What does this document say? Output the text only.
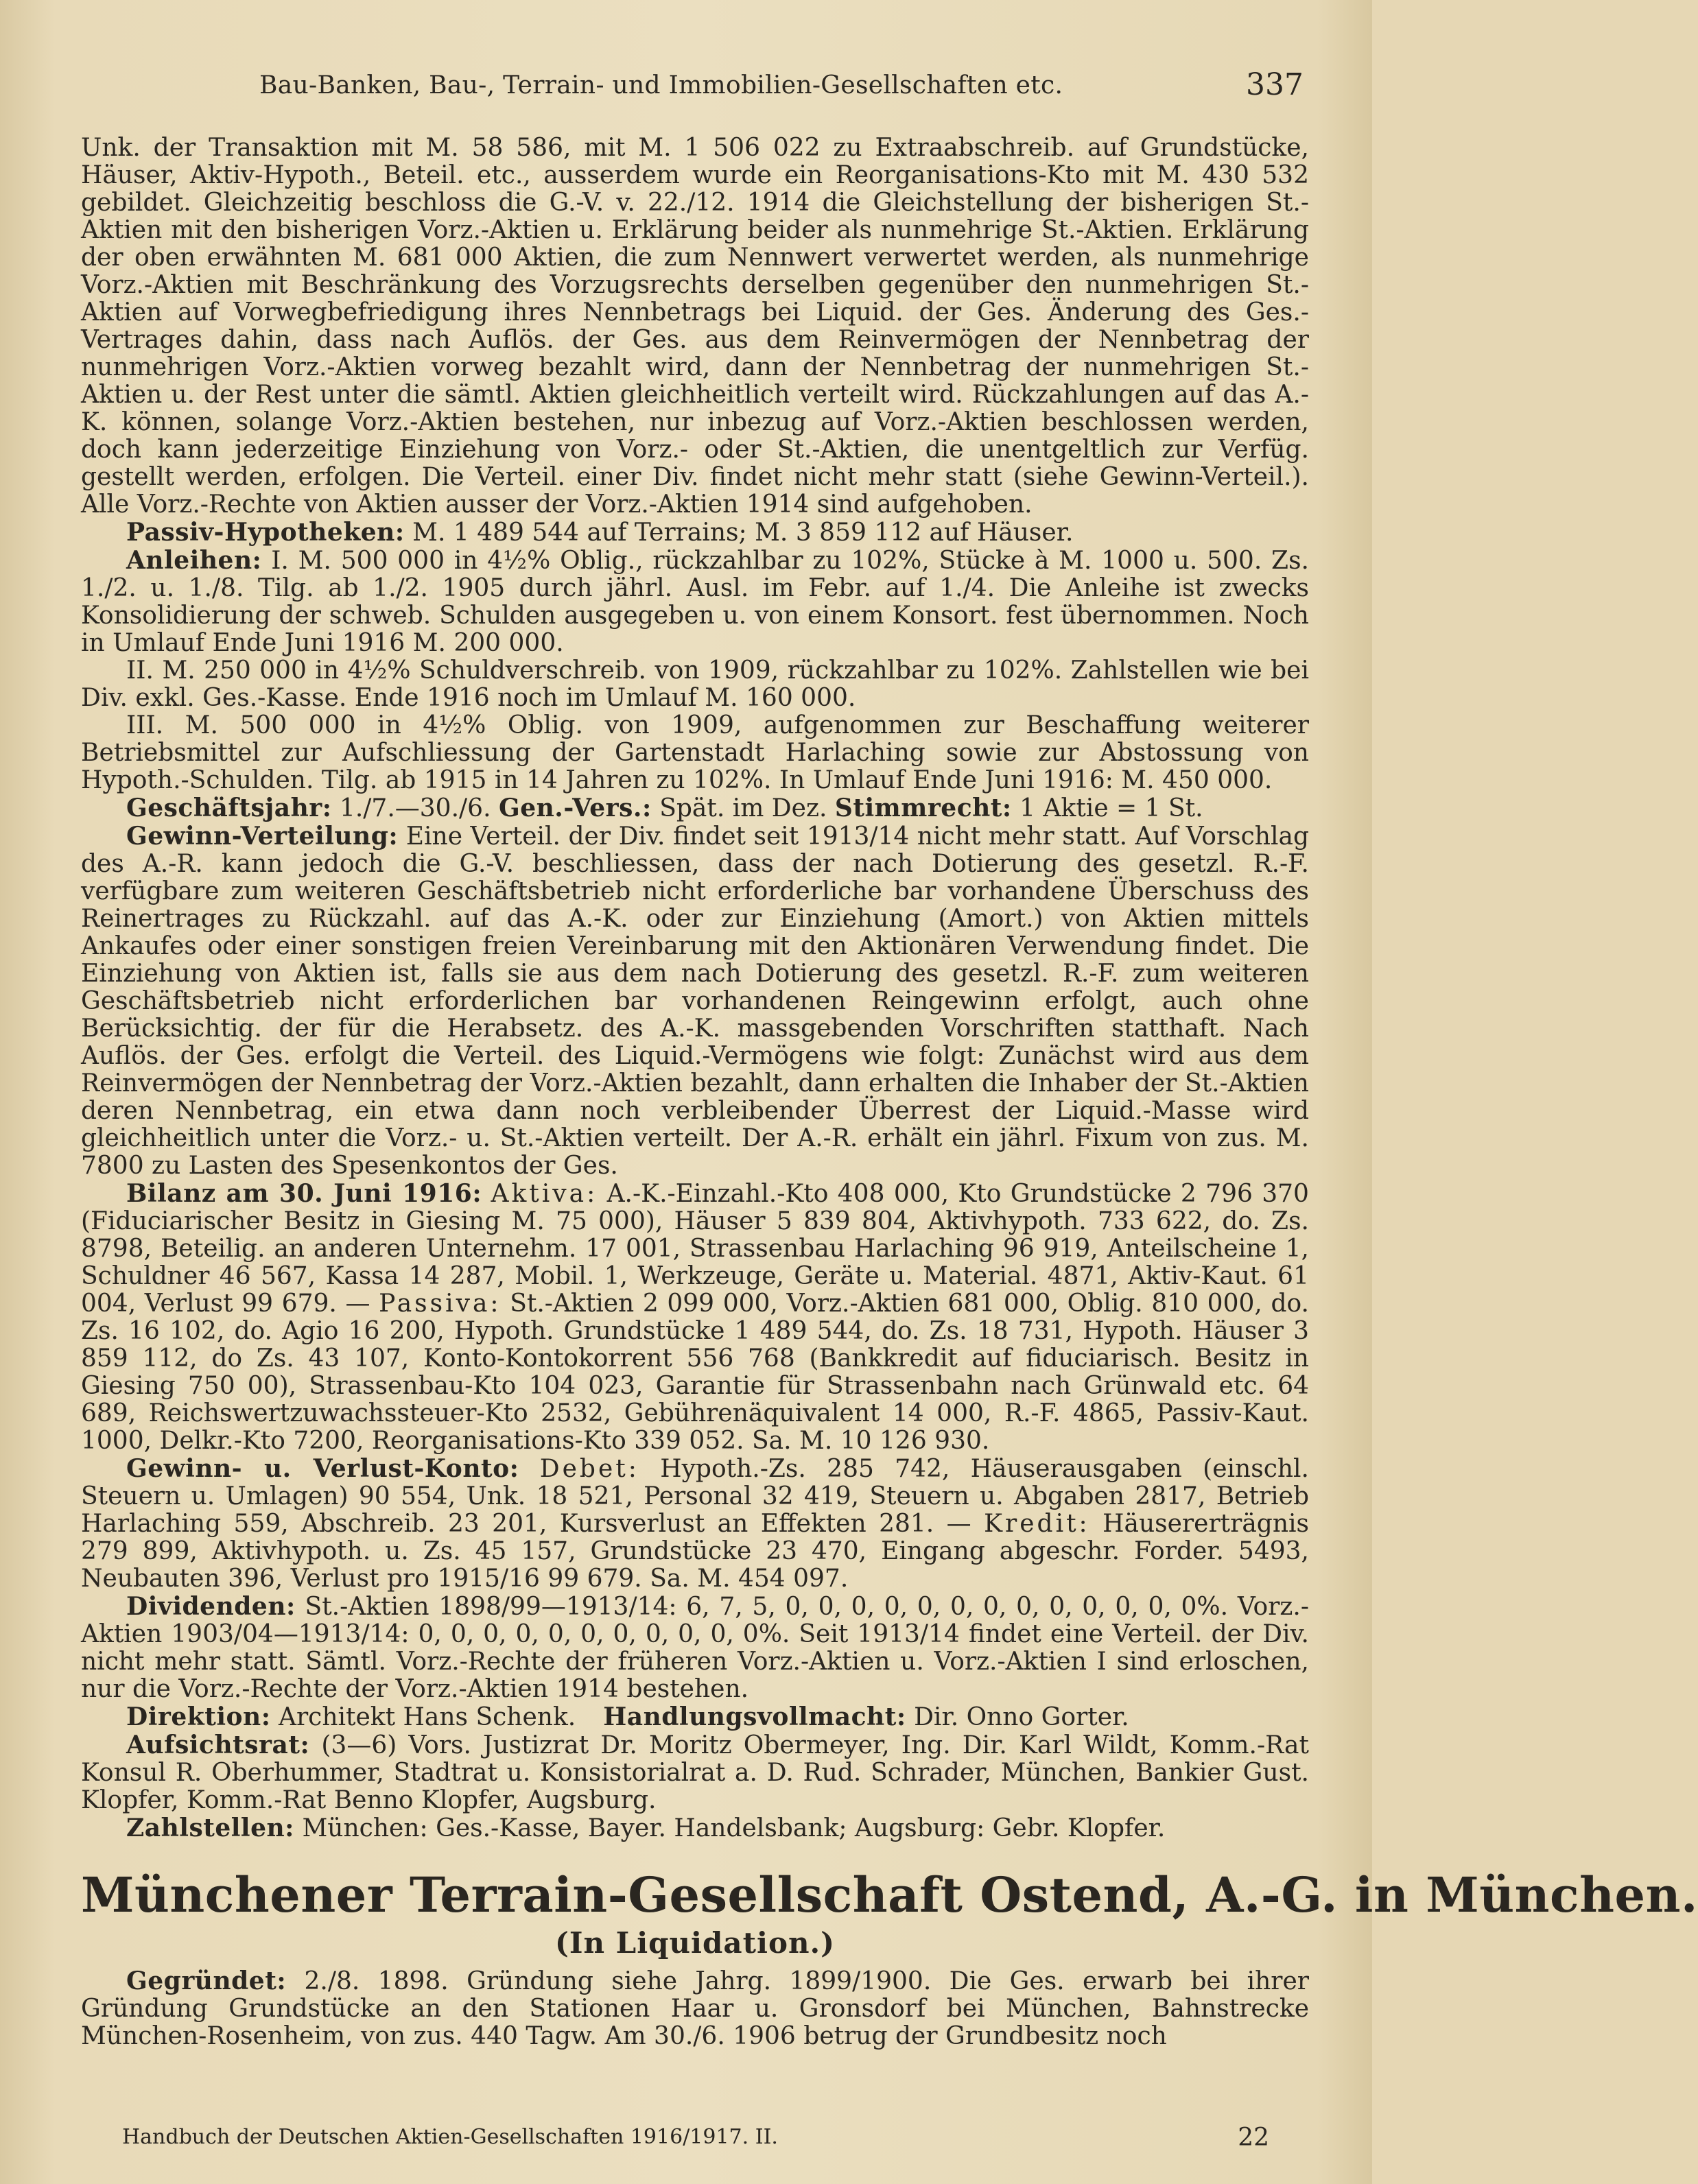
Bau-Banken, Bau-, Terrain- und Immobilien-Gesellschaften etc.	337

Unk. der Transaktion mit M. 58 586, mit M. 1 506 022 zu Extraabschreib. auf Grundstücke, Häuser, Aktiv-Hypoth., Beteil. etc., ausserdem wurde ein Reorganisations-Kto mit M. 430 532 gebildet. Gleichzeitig beschloss die G.-V. v. 22./12. 1914 die Gleichstellung der bisherigen St.-Aktien mit den bisherigen Vorz.-Aktien u. Erklärung beider als nunmehrige St.-Aktien. Erklärung der oben erwähnten M. 681 000 Aktien, die zum Nennwert verwertet werden, als nunmehrige Vorz.-Aktien mit Beschränkung des Vorzugsrechts derselben gegenüber den nunmehrigen St.-Aktien auf Vorwegbefriedigung ihres Nennbetrags bei Liquid. der Ges. Änderung des Ges.-Vertrages dahin, dass nach Auflös. der Ges. aus dem Reinvermögen der Nennbetrag der nunmehrigen Vorz.-Aktien vorweg bezahlt wird, dann der Nennbetrag der nunmehrigen St.-Aktien u. der Rest unter die sämtl. Aktien gleichheitlich verteilt wird. Rückzahlungen auf das A.-K. können, solange Vorz.-Aktien bestehen, nur inbezug auf Vorz.-Aktien beschlossen werden, doch kann jederzeitige Einziehung von Vorz.- oder St.-Aktien, die unentgeltlich zur Verfüg. gestellt werden, erfolgen. Die Verteil. einer Div. findet nicht mehr statt (siehe Gewinn-Verteil.). Alle Vorz.-Rechte von Aktien ausser der Vorz.-Aktien 1914 sind aufgehoben.

Passiv-Hypotheken: M. 1 489 544 auf Terrains; M. 3 859 112 auf Häuser.

Anleihen: I. M. 500 000 in 4½% Oblig., rückzahlbar zu 102%, Stücke à M. 1000 u. 500. Zs. 1./2. u. 1./8. Tilg. ab 1./2. 1905 durch jährl. Ausl. im Febr. auf 1./4. Die Anleihe ist zwecks Konsolidierung der schweb. Schulden ausgegeben u. von einem Konsort. fest übernommen. Noch in Umlauf Ende Juni 1916 M. 200 000.

II. M. 250 000 in 4½% Schuldverschreib. von 1909, rückzahlbar zu 102%. Zahlstellen wie bei Div. exkl. Ges.-Kasse. Ende 1916 noch im Umlauf M. 160 000.

III. M. 500 000 in 4½% Oblig. von 1909, aufgenommen zur Beschaffung weiterer Betriebsmittel zur Aufschliessung der Gartenstadt Harlaching sowie zur Abstossung von Hypoth.-Schulden. Tilg. ab 1915 in 14 Jahren zu 102%. In Umlauf Ende Juni 1916: M. 450 000.

Geschäftsjahr: 1./7.—30./6. Gen.-Vers.: Spät. im Dez. Stimmrecht: 1 Aktie = 1 St.

Gewinn-Verteilung: Eine Verteil. der Div. findet seit 1913/14 nicht mehr statt. Auf Vorschlag des A.-R. kann jedoch die G.-V. beschliessen, dass der nach Dotierung des gesetzl. R.-F. verfügbare zum weiteren Geschäftsbetrieb nicht erforderliche bar vorhandene Überschuss des Reinertrages zu Rückzahl. auf das A.-K. oder zur Einziehung (Amort.) von Aktien mittels Ankaufes oder einer sonstigen freien Vereinbarung mit den Aktionären Verwendung findet. Die Einziehung von Aktien ist, falls sie aus dem nach Dotierung des gesetzl. R.-F. zum weiteren Geschäftsbetrieb nicht erforderlichen bar vorhandenen Reingewinn erfolgt, auch ohne Berücksichtig. der für die Herabsetz. des A.-K. massgebenden Vorschriften statthaft. Nach Auflös. der Ges. erfolgt die Verteil. des Liquid.-Vermögens wie folgt: Zunächst wird aus dem Reinvermögen der Nennbetrag der Vorz.-Aktien bezahlt, dann erhalten die Inhaber der St.-Aktien deren Nennbetrag, ein etwa dann noch verbleibender Überrest der Liquid.-Masse wird gleichheitlich unter die Vorz.- u. St.-Aktien verteilt. Der A.-R. erhält ein jährl. Fixum von zus. M. 7800 zu Lasten des Spesenkontos der Ges.

Bilanz am 30. Juni 1916: Aktiva: A.-K.-Einzahl.-Kto 408 000, Kto Grundstücke 2 796 370 (Fiduciarischer Besitz in Giesing M. 75 000), Häuser 5 839 804, Aktivhypoth. 733 622, do. Zs. 8798, Beteilig. an anderen Unternehm. 17 001, Strassenbau Harlaching 96 919, Anteilscheine 1, Schuldner 46 567, Kassa 14 287, Mobil. 1, Werkzeuge, Geräte u. Material. 4871, Aktiv-Kaut. 61 004, Verlust 99 679. — Passiva: St.-Aktien 2 099 000, Vorz.-Aktien 681 000, Oblig. 810 000, do. Zs. 16 102, do. Agio 16 200, Hypoth. Grundstücke 1 489 544, do. Zs. 18 731, Hypoth. Häuser 3 859 112, do Zs. 43 107, Konto-Kontokorrent 556 768 (Bankkredit auf fiduciarisch. Besitz in Giesing 750 00), Strassenbau-Kto 104 023, Garantie für Strassenbahn nach Grünwald etc. 64 689, Reichswertzuwachssteuer-Kto 2532, Gebührenäquivalent 14 000, R.-F. 4865, Passiv-Kaut. 1000, Delkr.-Kto 7200, Reorganisations-Kto 339 052. Sa. M. 10 126 930.

Gewinn- u. Verlust-Konto: Debet: Hypoth.-Zs. 285 742, Häuserausgaben (einschl. Steuern u. Umlagen) 90 554, Unk. 18 521, Personal 32 419, Steuern u. Abgaben 2817, Betrieb Harlaching 559, Abschreib. 23 201, Kursverlust an Effekten 281. — Kredit: Häusererträgnis 279 899, Aktivhypoth. u. Zs. 45 157, Grundstücke 23 470, Eingang abgeschr. Forder. 5493, Neubauten 396, Verlust pro 1915/16 99 679. Sa. M. 454 097.

Dividenden: St.-Aktien 1898/99—1913/14: 6, 7, 5, 0, 0, 0, 0, 0, 0, 0, 0, 0, 0, 0, 0, 0%. Vorz.-Aktien 1903/04—1913/14: 0, 0, 0, 0, 0, 0, 0, 0, 0, 0, 0%. Seit 1913/14 findet eine Verteil. der Div. nicht mehr statt. Sämtl. Vorz.-Rechte der früheren Vorz.-Aktien u. Vorz.-Aktien I sind erloschen, nur die Vorz.-Rechte der Vorz.-Aktien 1914 bestehen.

Direktion: Architekt Hans Schenk. Handlungsvollmacht: Dir. Onno Gorter.

Aufsichtsrat: (3—6) Vors. Justizrat Dr. Moritz Obermeyer, Ing. Dir. Karl Wildt, Komm.-Rat Konsul R. Oberhummer, Stadtrat u. Konsistorialrat a. D. Rud. Schrader, München, Bankier Gust. Klopfer, Komm.-Rat Benno Klopfer, Augsburg.

Zahlstellen: München: Ges.-Kasse, Bayer. Handelsbank; Augsburg: Gebr. Klopfer.

Münchener Terrain-Gesellschaft Ostend, A.-G. in München.
(In Liquidation.)

Gegründet: 2./8. 1898. Gründung siehe Jahrg. 1899/1900. Die Ges. erwarb bei ihrer Gründung Grundstücke an den Stationen Haar u. Gronsdorf bei München, Bahnstrecke München-Rosenheim, von zus. 440 Tagw. Am 30./6. 1906 betrug der Grundbesitz noch

Handbuch der Deutschen Aktien-Gesellschaften 1916/1917. II.	22
